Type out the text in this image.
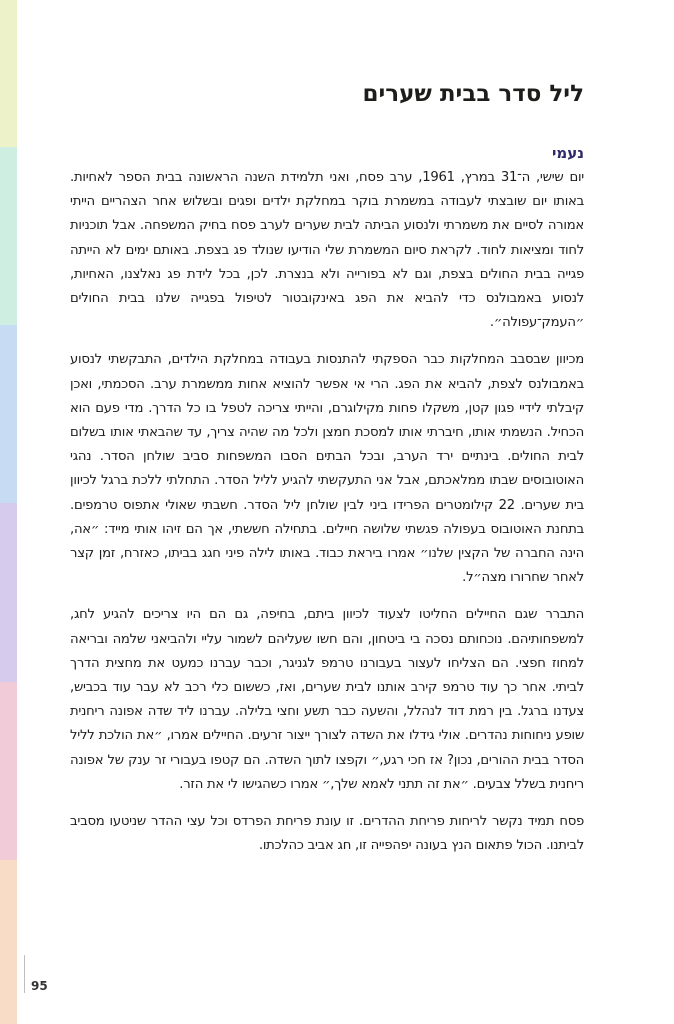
ליל סדר בבית שערים
נעמי

יום שישי, ה־31 במרץ, 1961, ערב פסח, ואני תלמידת השנה הראשונה בבית הספר לאחיות. באותו יום שובצתי לעבודה במשמרת בוקר במחלקת ילדים ופגים ובשלוש אחר הצהריים הייתי אמורה לסיים את משמרתי ולנסוע הביתה לבית שערים לערב פסח בחיק המשפחה. אבל תוכניות לחוד ומציאות לחוד. לקראת סיום המשמרת שלי הודיעו שנולד פג בצפת. באותם ימים לא הייתה פגייה בבית החולים בצפת, וגם לא בפורייה ולא בנצרת. לכן, בכל לידת פג נאלצנו, האחיות, לנסוע באמבולנס כדי להביא את הפג באינקובטור לטיפול בפגייה שלנו בבית החולים ״העמק־עפולה״.

מכיוון שבסבב המחלקות כבר הספקתי להתנסות בעבודה במחלקת הילדים, התבקשתי לנסוע באמבולנס לצפת, להביא את הפג. הרי אי אפשר להוציא אחות ממשמרת ערב. הסכמתי, ואכן קיבלתי לידיי פגון קטן, משקלו פחות מקילוגרם, והייתי צריכה לטפל בו כל הדרך. מדי פעם הוא הכחיל. הנשמתי אותו, חיברתי אותו למסכת חמצן ולכל מה שהיה צריך, עד שהבאתי אותו בשלום לבית החולים. בינתיים ירד הערב, ובכל הבתים הסבו המשפחות סביב שולחן הסדר. נהגי האוטובוסים שבתו ממלאכתם, אבל אני התעקשתי להגיע לליל הסדר. התחלתי ללכת ברגל לכיוון בית שערים. 22 קילומטרים הפרידו ביני לבין שולחן ליל הסדר. חשבתי שאולי אתפוס טרמפים. בתחנת האוטובוס בעפולה פגשתי שלושה חיילים. בתחילה חששתי, אך הם זיהו אותי מייד: ״אה, הינה החברה של הקצין שלנו״ אמרו ביראת כבוד. באותו לילה פיני חגג בביתו, כאזרח, זמן קצר לאחר שחרורו מצה״ל.

התברר שגם החיילים החליטו לצעוד לכיוון ביתם, בחיפה, גם הם היו צריכים להגיע לחג, למשפחותיהם. נוכחותם נסכה בי ביטחון, והם חשו שעליהם לשמור עליי ולהביאני שלמה ובריאה למחוז חפצי. הם הצליחו לעצור בעבורנו טרמפ לגניגר, וכבר עברנו כמעט את מחצית הדרך לביתי. אחר כך עוד טרמפ קירב אותנו לבית שערים, ואז, כששום כלי רכב לא עבר עוד בכביש, צעדנו ברגל. בין רמת דוד לנהלל, והשעה כבר תשע וחצי בלילה. עברנו ליד שדה אפונה ריחנית שופע ניחוחות נהדרים. אולי גידלו את השדה לצורך ייצור זרעים. החיילים אמרו, ״את הולכת לליל הסדר בבית ההורים, נכון? אז חכי רגע,״ וקפצו לתוך השדה. הם קטפו בעבורי זר ענק של אפונה ריחנית בשלל צבעים. ״את זה תתני לאמא שלך,״ אמרו כשהגישו לי את הזר.

פסח תמיד נקשר לריחות פריחת ההדרים. זו עונת פריחת הפרדס וכל עצי ההדר שניטעו מסביב לביתנו. הכול פתאום הנץ בעונה יפהפייה זו, חג אביב כהלכתו.

95
